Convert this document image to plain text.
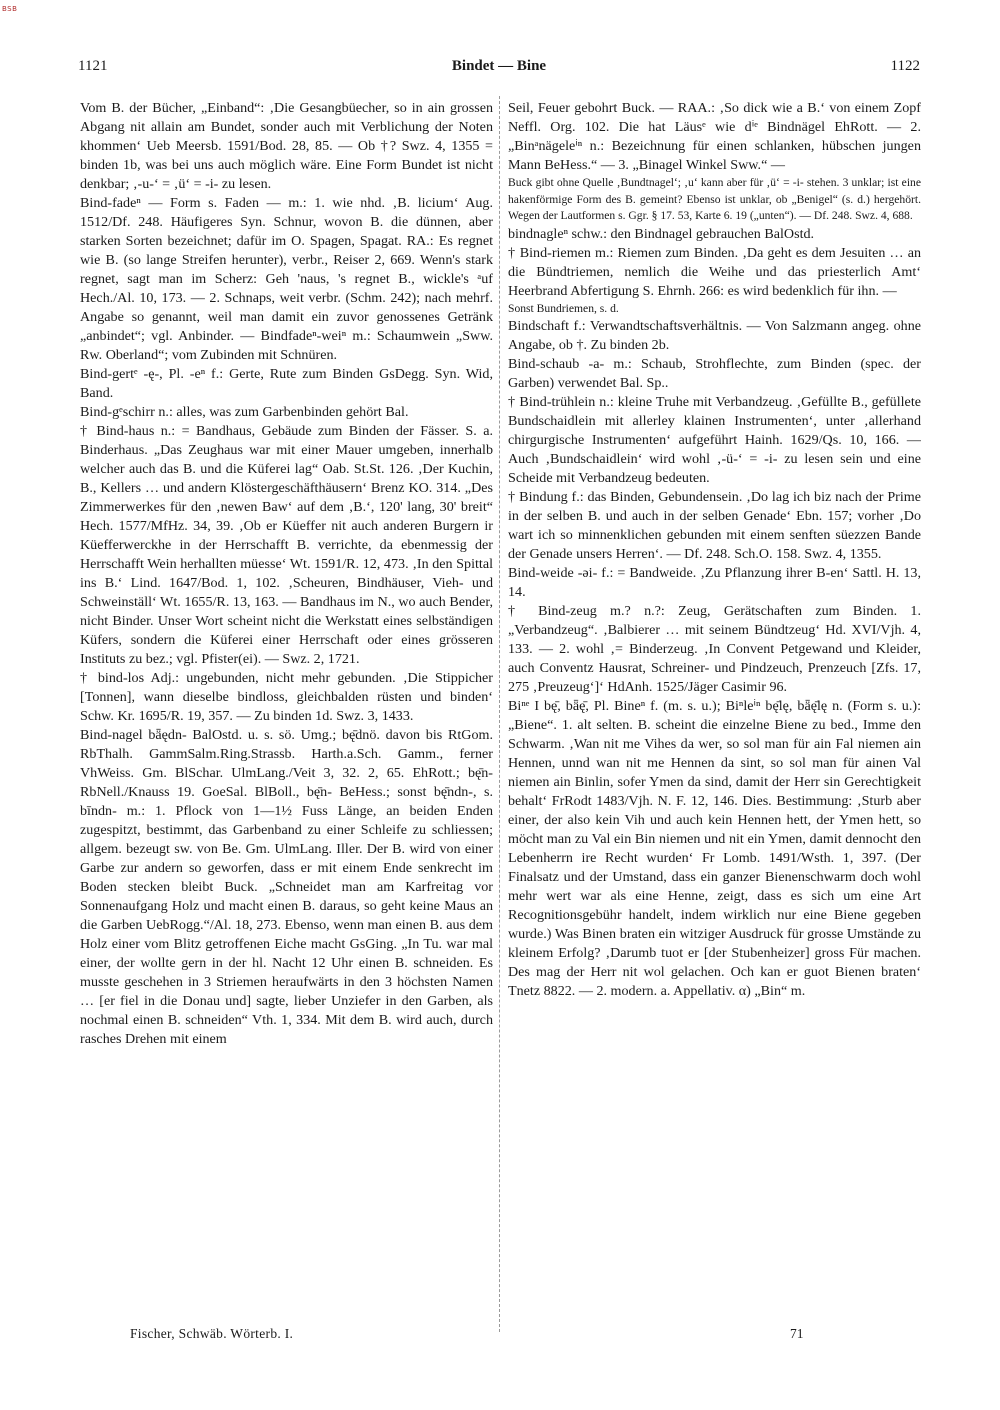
BSB
1121	Bindet — Bine	1122

Vom B. der Bücher, „Einband“: ‚Die Gesangbüecher, so in ain grossen Abgang nit allain am Bundet, sonder auch mit Verblichung der Noten khommen‘ Ueb Meersb. 1591/Bod. 28, 85. — Ob †? Swz. 4, 1355 = binden 1b, was bei uns auch möglich wäre. Eine Form Bundet ist nicht denkbar; ‚-u-‘ = ‚ü‘ = -i- zu lesen.

Bind-fadeⁿ — Form s. Faden — m.: 1. wie nhd. ‚B. licium‘ Aug. 1512/Df. 248. Häufigeres Syn. Schnur, wovon B. die dünnen, aber starken Sorten bezeichnet; dafür im O. Spagen, Spagat. RA.: Es regnet wie B. (so lange Streifen herunter), verbr., Reiser 2, 669. Wenn's stark regnet, sagt man im Scherz: Geh 'naus, 's regnet B., wickle's ᵃuf Hech./Al. 10, 173. — 2. Schnaps, weit verbr. (Schm. 242); nach mehrf. Angabe so genannt, weil man damit ein zuvor genossenes Getränk „anbindet“; vgl. Anbinder. — Bindfadeⁿ-weiⁿ m.: Schaumwein „Sww. Rw. Oberland“; vom Zubinden mit Schnüren.

Bind-gertᵉ -ę-, Pl. -eⁿ f.: Gerte, Rute zum Binden GsDegg. Syn. Wid, Band.

Bind-gᵉschirr n.: alles, was zum Garbenbinden gehört Bal.

† Bind-haus n.: = Bandhaus, Gebäude zum Binden der Fässer. S. a. Binderhaus. „Das Zeughaus war mit einer Mauer umgeben, innerhalb welcher auch das B. und die Küferei lag“ Oab. St.St. 126. ‚Der Kuchin, B., Kellers … und andern Klöstergeschäfthäusern‘ Brenz KO. 314. „Des Zimmerwerkes für den ‚newen Baw‘ auf dem ‚B.‘, 120' lang, 30' breit“ Hech. 1577/MfHz. 34, 39. ‚Ob er Küeffer nit auch anderen Burgern ir Küefferwerckhe in der Herrschafft B. verrichte, da ebenmessig der Herrschafft Wein herhallten müesse‘ Wt. 1591/R. 12, 473. ‚In den Spittal ins B.‘ Lind. 1647/Bod. 1, 102. ‚Scheuren, Bindhäuser, Vieh- und Schweinställ‘ Wt. 1655/R. 13, 163. — Bandhaus im N., wo auch Bender, nicht Binder. Unser Wort scheint nicht die Werkstatt eines selbständigen Küfers, sondern die Küferei einer Herrschaft oder eines grösseren Instituts zu bez.; vgl. Pfister(ei). — Swz. 2, 1721.

† bind-los Adj.: ungebunden, nicht mehr gebunden. ‚Die Stippicher [Tonnen], wann dieselbe bindloss, gleichbalden rüsten und binden‘ Schw. Kr. 1695/R. 19, 357. — Zu binden 1d. Swz. 3, 1433.

Bind-nagel bǟędn- BalOstd. u. s. sö. Umg.; bę̄dnö. davon bis RtGom. RbThalh. GammSalm.Ring.Strassb. Harth.a.Sch. Gamm., ferner VhWeiss. Gm. BlSchar. UlmLang./Veit 3, 32. 2, 65. EhRott.; bę̄n- RbNell./Knauss 19. GoeSal. BlBoll., bę̄n- BeHess.; sonst bę̄ndn-, s. bīndn- m.: 1. Pflock von 1—1½ Fuss Länge, an beiden Enden zugespitzt, bestimmt, das Garbenband zu einer Schleife zu schliessen; allgem. bezeugt sw. von Be. Gm. UlmLang. Iller. Der B. wird von einer Garbe zur andern so geworfen, dass er mit einem Ende senkrecht im Boden stecken bleibt Buck. „Schneidet man am Karfreitag vor Sonnenaufgang Holz und macht einen B. daraus, so geht keine Maus an die Garben UebRogg.“/Al. 18, 273. Ebenso, wenn man einen B. aus dem Holz einer vom Blitz getroffenen Eiche macht GsGing. „In Tu. war mal einer, der wollte gern in der hl. Nacht 12 Uhr einen B. schneiden. Es musste geschehen in 3 Striemen heraufwärts in den 3 höchsten Namen … [er fiel in die Donau und] sagte, lieber Unziefer in den Garben, als nochmal einen B. schneiden“ Vth. 1, 334. Mit dem B. wird auch, durch rasches Drehen mit einem

Seil, Feuer gebohrt Buck. — RAA.: ‚So dick wie a B.‘ von einem Zopf Neffl. Org. 102. Die hat Läusᵉ wie dⁱᵉ Bindnägel EhRott. — 2. „Binᵃnägeleⁱⁿ n.: Bezeichnung für einen schlanken, hübschen jungen Mann BeHess.“ — 3. „Binagel Winkel Sww.“ —

Buck gibt ohne Quelle ‚Bundtnagel‘; ‚u‘ kann aber für ‚ü‘ = -i- stehen. 3 unklar; ist eine hakenförmige Form des B. gemeint? Ebenso ist unklar, ob „Benigel“ (s. d.) hergehört. Wegen der Lautformen s. Ggr. § 17. 53, Karte 6. 19 („unten“). — Df. 248. Swz. 4, 688.

bindnagleⁿ schw.: den Bindnagel gebrauchen BalOstd.

† Bind-riemen m.: Riemen zum Binden. ‚Da geht es dem Jesuiten … an die Bündtriemen, nemlich die Weihe und das priesterlich Amt‘ Heerbrand Abfertigung S. Ehrnh. 266: es wird bedenklich für ihn. —

Sonst Bundriemen, s. d.

Bindschaft f.: Verwandtschaftsverhältnis. — Von Salzmann angeg. ohne Angabe, ob †. Zu binden 2b.

Bind-schaub -a- m.: Schaub, Strohflechte, zum Binden (spec. der Garben) verwendet Bal. Sp..

† Bind-trühlein n.: kleine Truhe mit Verbandzeug. ‚Gefüllte B., gefüllete Bundschaidlein mit allerley klainen Instrumenten‘, unter ‚allerhand chirgurgische Instrumenten‘ aufgeführt Hainh. 1629/Qs. 10, 166. — Auch ‚Bundschaidlein‘ wird wohl ‚-ü-‘ = -i- zu lesen sein und eine Scheide mit Verbandzeug bedeuten.

† Bindung f.: das Binden, Gebundensein. ‚Do lag ich biz nach der Prime in der selben B. und auch in der selben Genade‘ Ebn. 157; vorher ‚Do wart ich so minnenklichen gebunden mit einem senften süezzen Bande der Genade unsers Herren‘. — Df. 248. Sch.O. 158. Swz. 4, 1355.

Bind-weide -əi- f.: = Bandweide. ‚Zu Pflanzung ihrer B-en‘ Sattl. H. 13, 14.

† Bind-zeug m.? n.?: Zeug, Gerätschaften zum Binden. 1. „Verbandzeug“. ‚Balbierer … mit seinem Bündtzeug‘ Hd. XVI/Vjh. 4, 133. — 2. wohl ‚= Binderzeug. ‚In Convent Petgewand und Kleider, auch Conventz Hausrat, Schreiner- und Pindzeuch, Prenzeuch [Zfs. 17, 275 ‚Preuzeug‘]‘ HdAnh. 1525/Jäger Casimir 96.

Biⁿᵉ I bę̄, bǟę̄, Pl. Bineⁿ f. (m. s. u.); Biⁿleⁱⁿ bę̄lę, bǟę̄lę n. (Form s. u.): „Biene“. 1. alt selten. B. scheint die einzelne Biene zu bed., Imme den Schwarm. ‚Wan nit me Vihes da wer, so sol man für ain Fal niemen ain Hennen, unnd wan nit me Hennen da sint, so sol man für ainen Val niemen ain Binlin, sofer Ymen da sind, damit der Herr sin Gerechtigkeit behalt‘ FrRodt 1483/Vjh. N. F. 12, 146. Dies. Bestimmung: ‚Sturb aber einer, der also kein Vih und auch kein Hennen hett, der Ymen hett, so möcht man zu Val ein Bin niemen und nit ein Ymen, damit dennocht den Lebenherrn ire Recht wurden‘ Fr Lomb. 1491/Wsth. 1, 397. (Der Finalsatz und der Umstand, dass ein ganzer Bienenschwarm doch wohl mehr wert war als eine Henne, zeigt, dass es sich um eine Art Recognitionsgebühr handelt, indem wirklich nur eine Biene gegeben wurde.) Was Binen braten ein witziger Ausdruck für grosse Umstände zu kleinem Erfolg? ‚Darumb tuot er [der Stubenheizer] gross Für machen. Des mag der Herr nit wol gelachen. Och kan er guot Bienen braten‘ Tnetz 8822. — 2. modern. a. Appellativ. α) „Bin“ m.

Fischer, Schwäb. Wörterb. I.	71
